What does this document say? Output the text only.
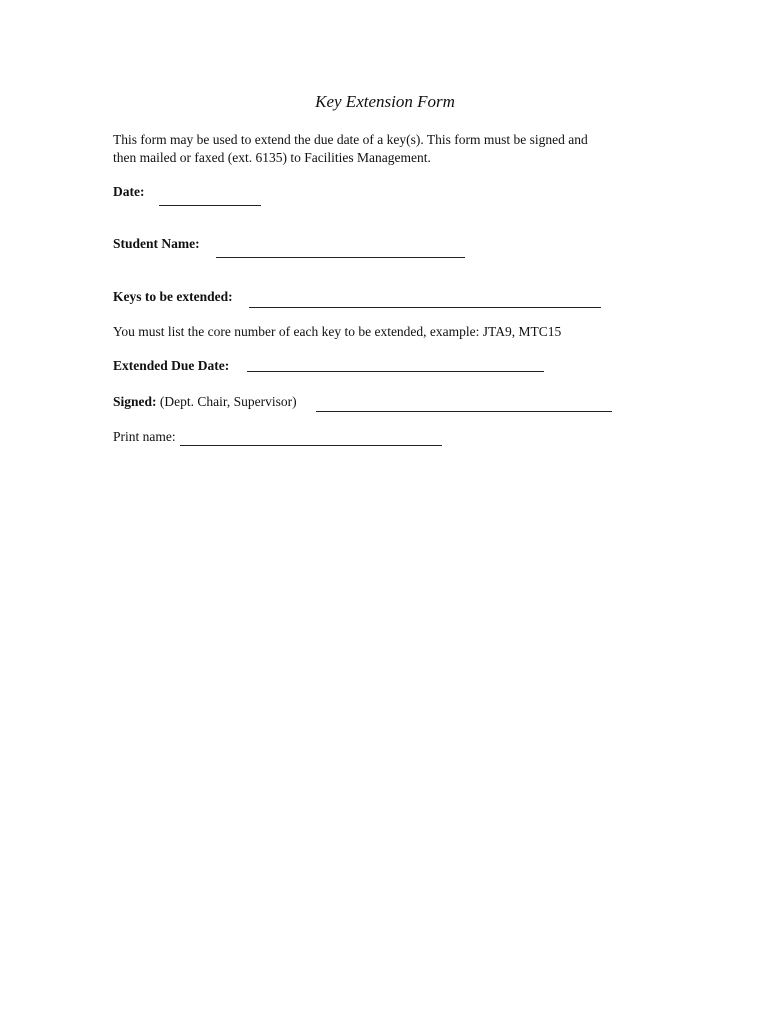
Key Extension Form
This form may be used to extend the due date of a key(s). This form must be signed and
then mailed or faxed (ext. 6135) to Facilities Management.
Date:
Student Name:
Keys to be extended:
You must list the core number of each key to be extended, example: JTA9, MTC15
Extended Due Date:
Signed: (Dept. Chair, Supervisor)
Print name:
